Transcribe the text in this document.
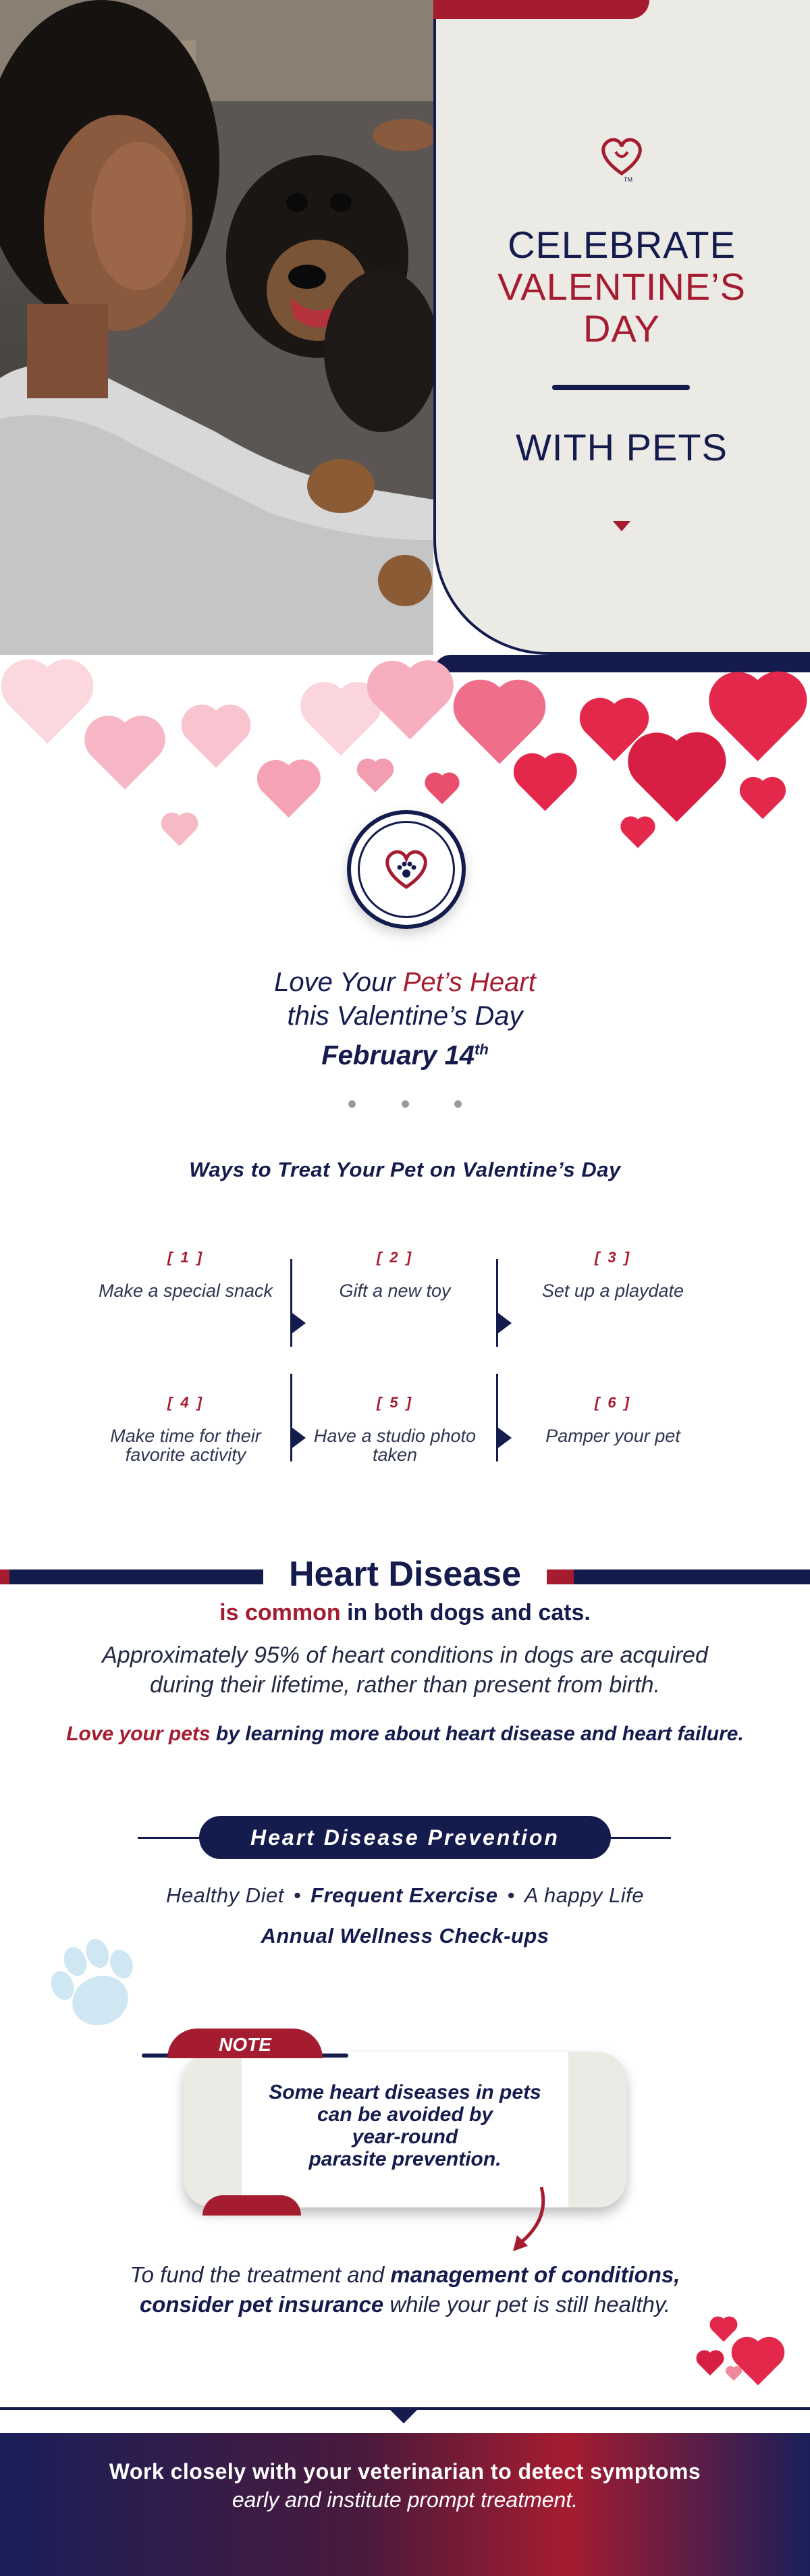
TM
CELEBRATE
VALENTINE’S
DAY
WITH PETS
Love Your Pet’s Heart
this Valentine’s Day
February 14th
Ways to Treat Your Pet on Valentine’s Day
[ 1 ]
Make a special snack
[ 2 ]
Gift a new toy
[ 3 ]
Set up a playdate
[ 4 ]
Make time for their favorite activity
[ 5 ]
Have a studio photo taken
[ 6 ]
Pamper your pet
Heart Disease
is common in both dogs and cats.
Approximately 95% of heart conditions in dogs are acquired
during their lifetime, rather than present from birth.
Love your pets by learning more about heart disease and heart failure.
Heart Disease Prevention
Healthy Diet • Frequent Exercise • A happy Life
Annual Wellness Check-ups
NOTE
Some heart diseases in pets
can be avoided by
year-round
parasite prevention.
To fund the treatment and management of conditions,
consider pet insurance while your pet is still healthy.
Work closely with your veterinarian to detect symptoms
early and institute prompt treatment.
